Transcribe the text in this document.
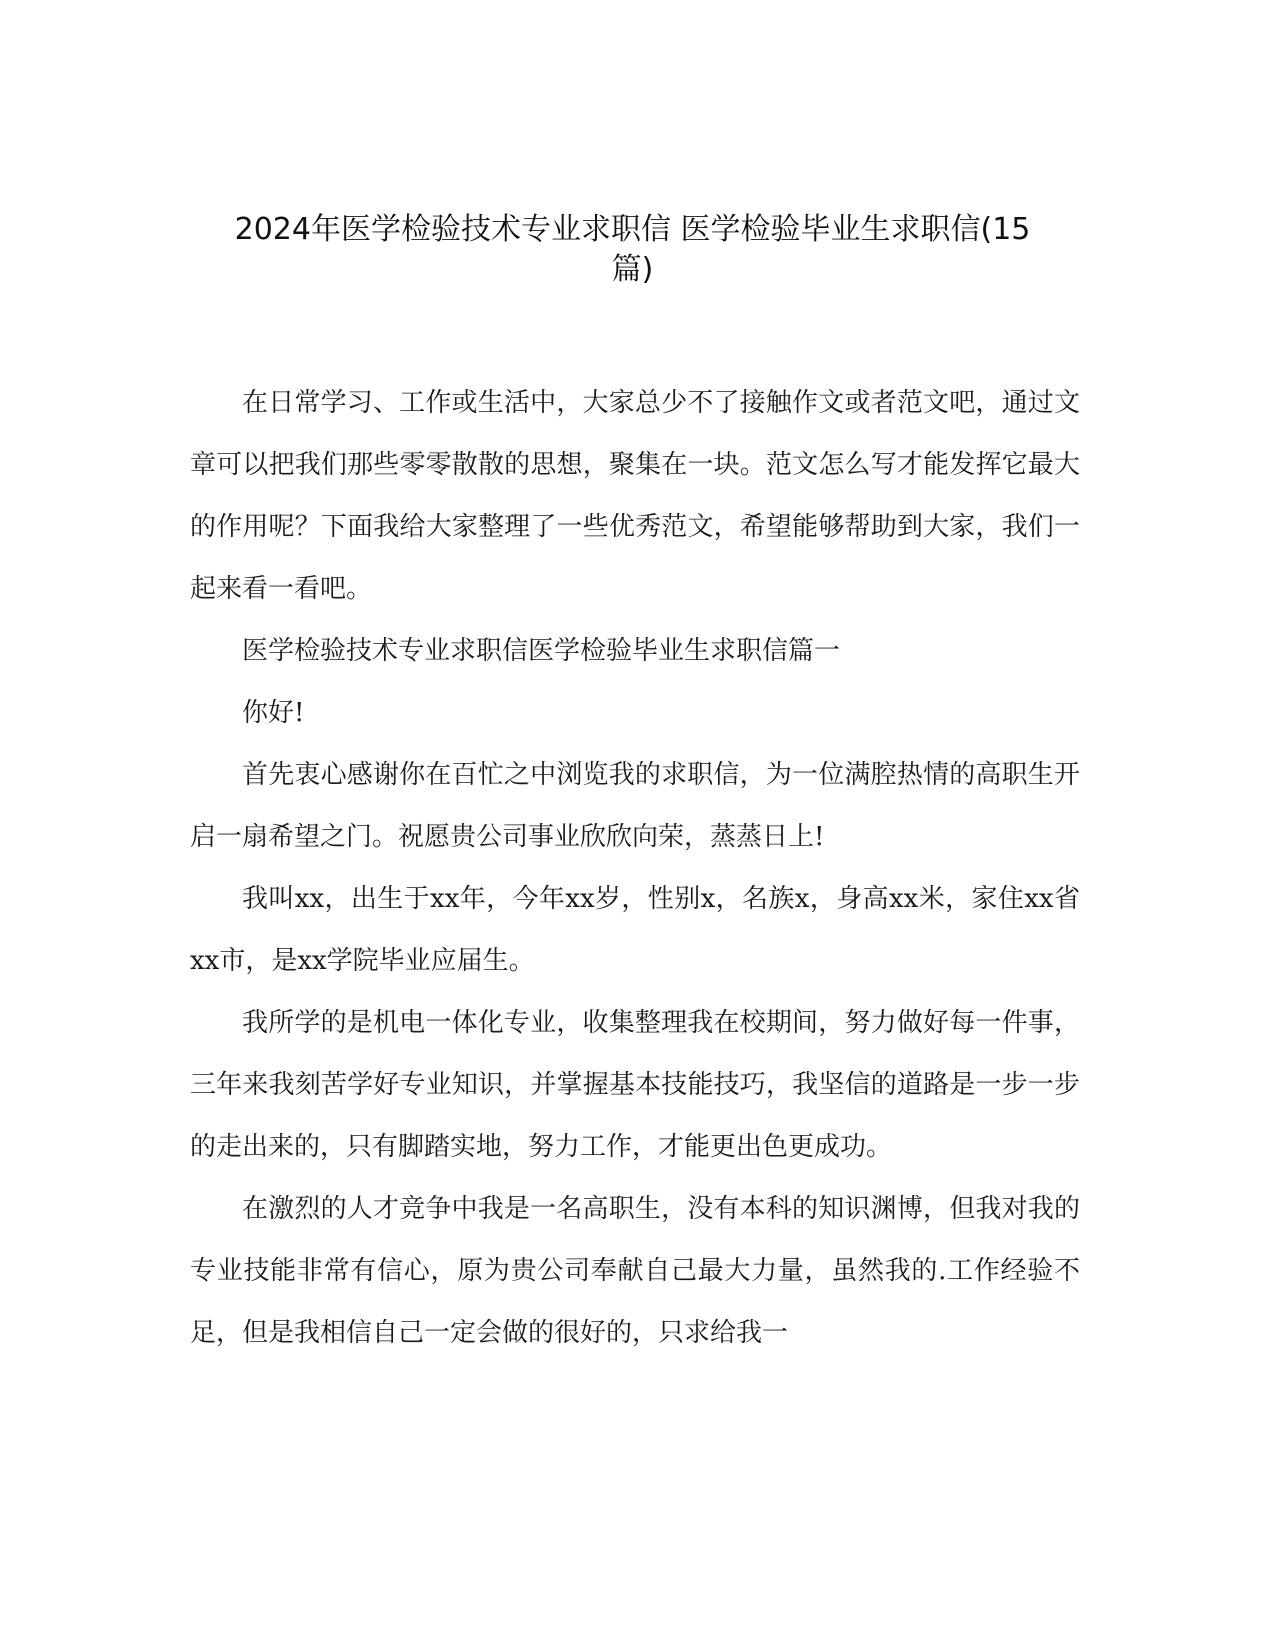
2024年医学检验技术专业求职信 医学检验毕业生求职信(15
篇)

在日常学习、工作或生活中，大家总少不了接触作文或者范文吧，通过文章可以把我们那些零零散散的思想，聚集在一块。范文怎么写才能发挥它最大的作用呢？下面我给大家整理了一些优秀范文，希望能够帮助到大家，我们一起来看一看吧。

医学检验技术专业求职信医学检验毕业生求职信篇一

你好!

首先衷心感谢你在百忙之中浏览我的求职信，为一位满腔热情的高职生开启一扇希望之门。祝愿贵公司事业欣欣向荣，蒸蒸日上!

我叫xx，出生于xx年，今年xx岁，性别x，名族x，身高xx米，家住xx省xx市，是xx学院毕业应届生。

我所学的是机电一体化专业，收集整理我在校期间，努力做好每一件事，三年来我刻苦学好专业知识，并掌握基本技能技巧，我坚信的道路是一步一步的走出来的，只有脚踏实地，努力工作，才能更出色更成功。

在激烈的人才竞争中我是一名高职生，没有本科的知识渊博，但我对我的专业技能非常有信心，原为贵公司奉献自己最大力量，虽然我的.工作经验不足，但是我相信自己一定会做的很好的，只求给我一
